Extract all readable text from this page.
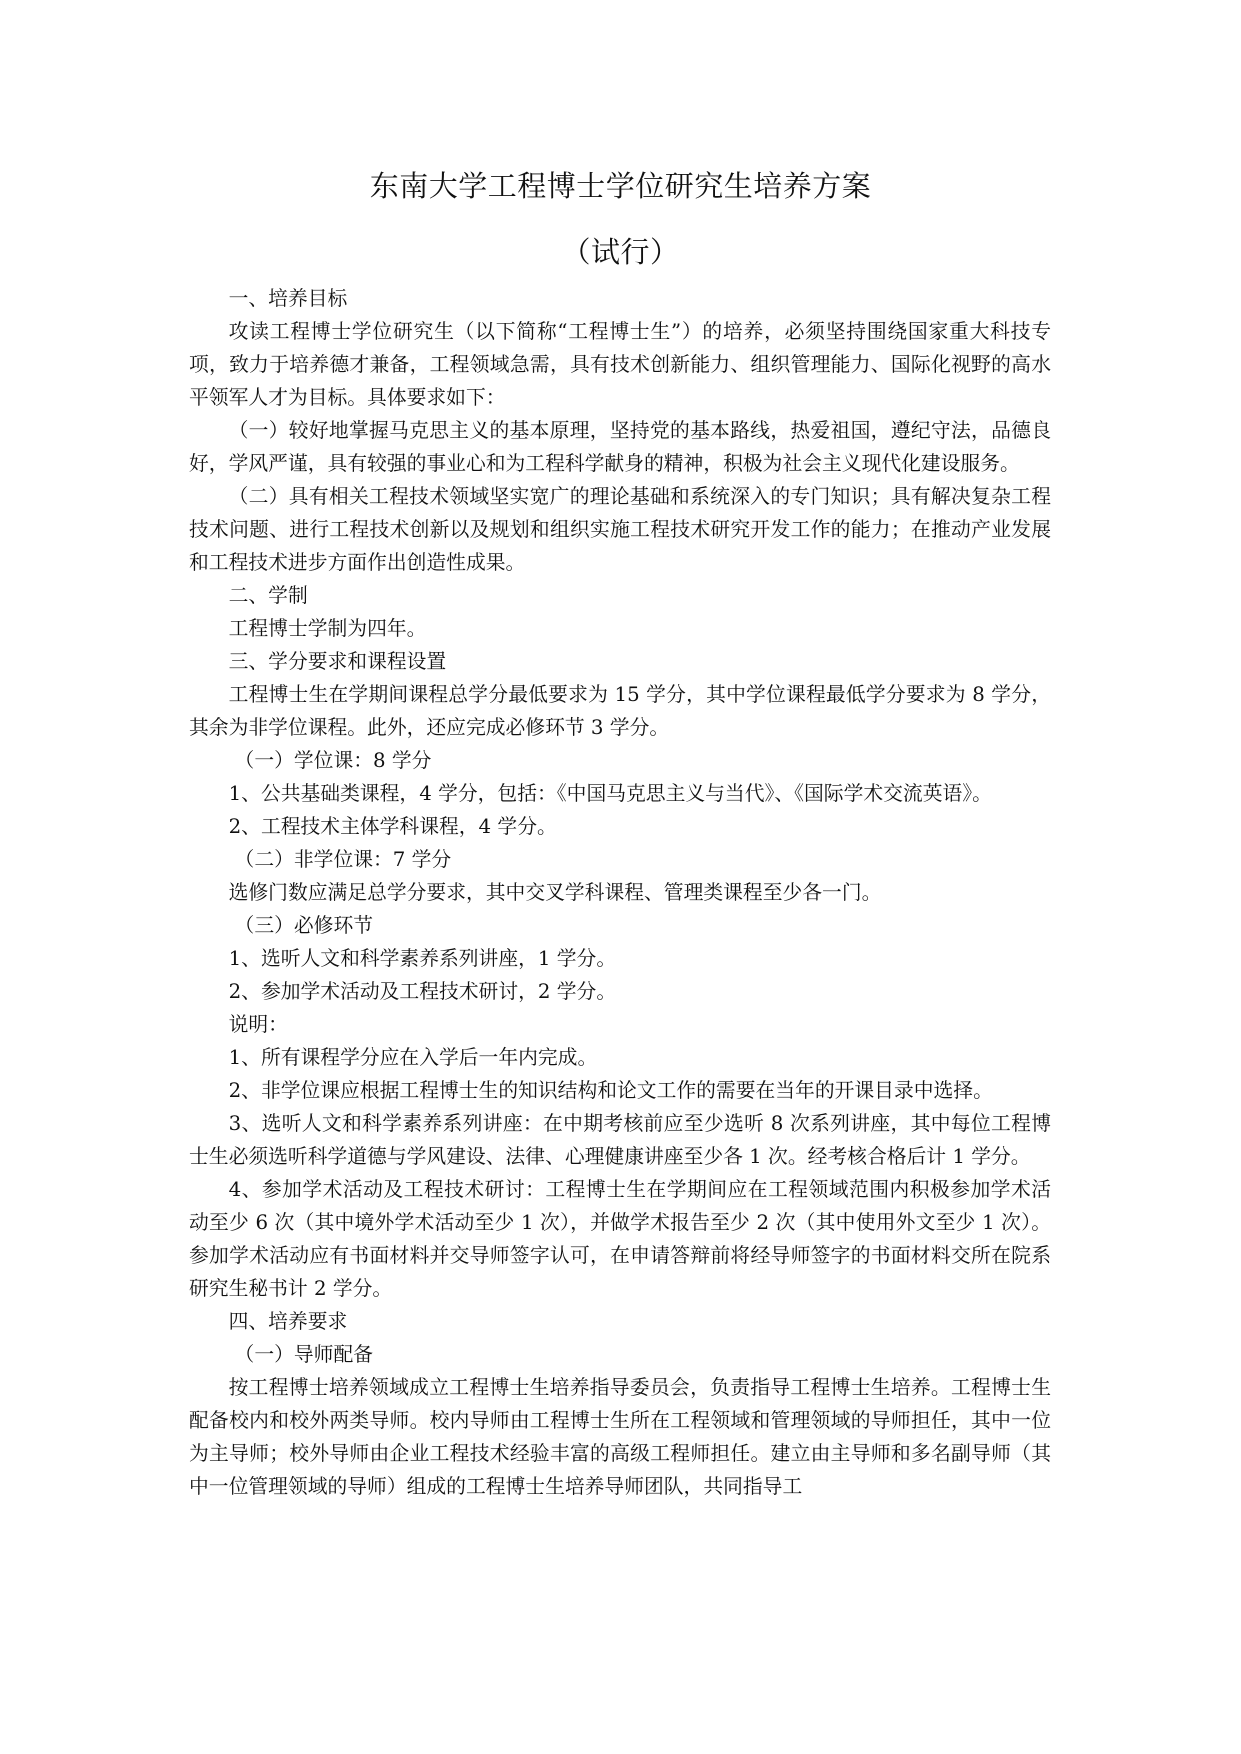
东南大学工程博士学位研究生培养方案
（试行）
一、培养目标
攻读工程博士学位研究生（以下简称“工程博士生”）的培养，必须坚持围绕国家重大科技专项，致力于培养德才兼备，工程领域急需，具有技术创新能力、组织管理能力、国际化视野的高水平领军人才为目标。具体要求如下：
（一）较好地掌握马克思主义的基本原理，坚持党的基本路线，热爱祖国，遵纪守法，品德良好，学风严谨，具有较强的事业心和为工程科学献身的精神，积极为社会主义现代化建设服务。
（二）具有相关工程技术领域坚实宽广的理论基础和系统深入的专门知识；具有解决复杂工程技术问题、进行工程技术创新以及规划和组织实施工程技术研究开发工作的能力；在推动产业发展和工程技术进步方面作出创造性成果。
二、学制
工程博士学制为四年。
三、学分要求和课程设置
工程博士生在学期间课程总学分最低要求为 15 学分，其中学位课程最低学分要求为 8 学分，其余为非学位课程。此外，还应完成必修环节 3 学分。
（一）学位课：8 学分
1、公共基础类课程，4 学分，包括：《中国马克思主义与当代》、《国际学术交流英语》。
2、工程技术主体学科课程，4 学分。
（二）非学位课：7 学分
选修门数应满足总学分要求，其中交叉学科课程、管理类课程至少各一门。
（三）必修环节
1、选听人文和科学素养系列讲座，1 学分。
2、参加学术活动及工程技术研讨，2 学分。
说明：
1、所有课程学分应在入学后一年内完成。
2、非学位课应根据工程博士生的知识结构和论文工作的需要在当年的开课目录中选择。
3、选听人文和科学素养系列讲座：在中期考核前应至少选听 8 次系列讲座，其中每位工程博士生必须选听科学道德与学风建设、法律、心理健康讲座至少各 1 次。经考核合格后计 1 学分。
4、参加学术活动及工程技术研讨：工程博士生在学期间应在工程领域范围内积极参加学术活动至少 6 次（其中境外学术活动至少 1 次），并做学术报告至少 2 次（其中使用外文至少 1 次）。参加学术活动应有书面材料并交导师签字认可，在申请答辩前将经导师签字的书面材料交所在院系研究生秘书计 2 学分。
四、培养要求
（一）导师配备
按工程博士培养领域成立工程博士生培养指导委员会，负责指导工程博士生培养。工程博士生配备校内和校外两类导师。校内导师由工程博士生所在工程领域和管理领域的导师担任，其中一位为主导师；校外导师由企业工程技术经验丰富的高级工程师担任。建立由主导师和多名副导师（其中一位管理领域的导师）组成的工程博士生培养导师团队，共同指导工
